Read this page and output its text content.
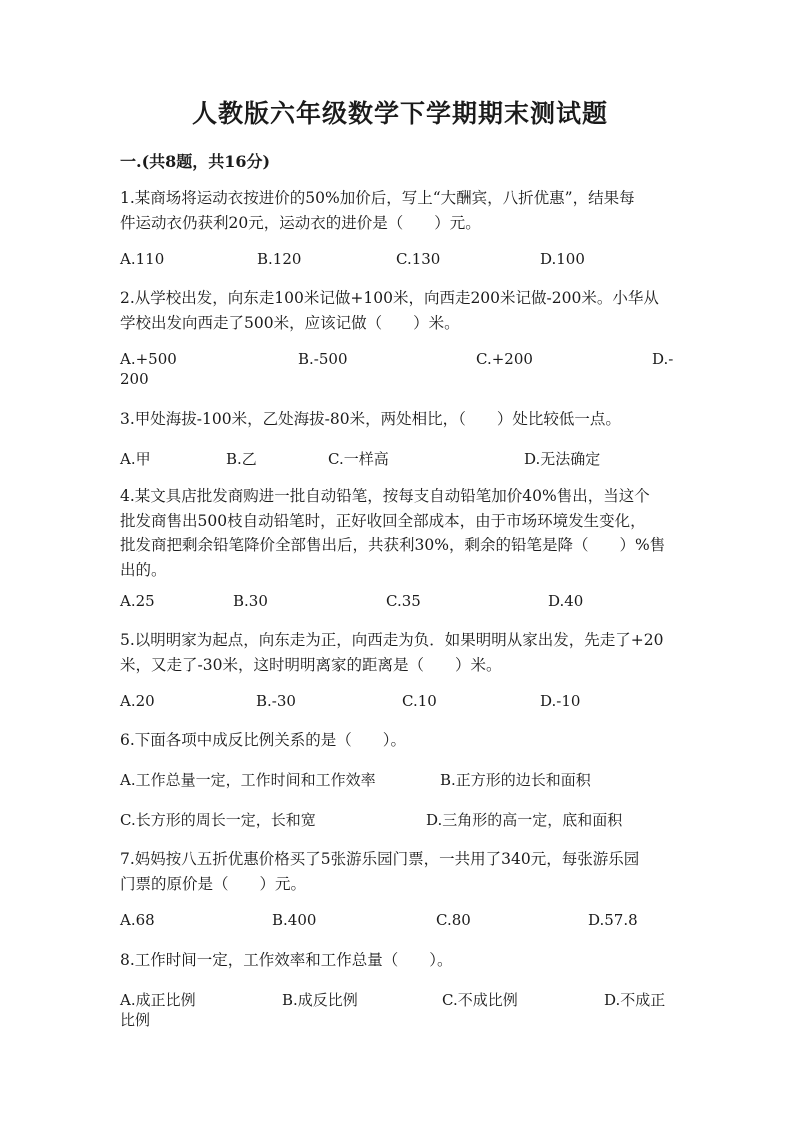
人教版六年级数学下学期期末测试题
一.(共8题，共16分)
1.某商场将运动衣按进价的50%加价后，写上“大酬宾，八折优惠”，结果每
件运动衣仍获利20元，运动衣的进价是（　　）元。
A.110	B.120	C.130	D.100
2.从学校出发，向东走100米记做+100米，向西走200米记做-200米。小华从
学校出发向西走了500米，应该记做（　　）米。
A.+500	B.-500	C.+200	D.-
200
3.甲处海拔-100米，乙处海拔-80米，两处相比，（　　）处比较低一点。
A.甲	B.乙	C.一样高	D.无法确定
4.某文具店批发商购进一批自动铅笔，按每支自动铅笔加价40%售出，当这个
批发商售出500枝自动铅笔时，正好收回全部成本，由于市场环境发生变化，
批发商把剩余铅笔降价全部售出后，共获利30%，剩余的铅笔是降（　　）%售
出的。
A.25	B.30	C.35	D.40
5.以明明家为起点，向东走为正，向西走为负．如果明明从家出发，先走了+20
米，又走了-30米，这时明明离家的距离是（　　）米。
A.20	B.-30	C.10	D.-10
6.下面各项中成反比例关系的是（　　）。
A.工作总量一定，工作时间和工作效率	B.正方形的边长和面积
C.长方形的周长一定，长和宽	D.三角形的高一定，底和面积
7.妈妈按八五折优惠价格买了5张游乐园门票，一共用了340元，每张游乐园
门票的原价是（　　）元。
A.68	B.400	C.80	D.57.8
8.工作时间一定，工作效率和工作总量（　　）。
A.成正比例	B.成反比例	C.不成比例	D.不成正
比例
